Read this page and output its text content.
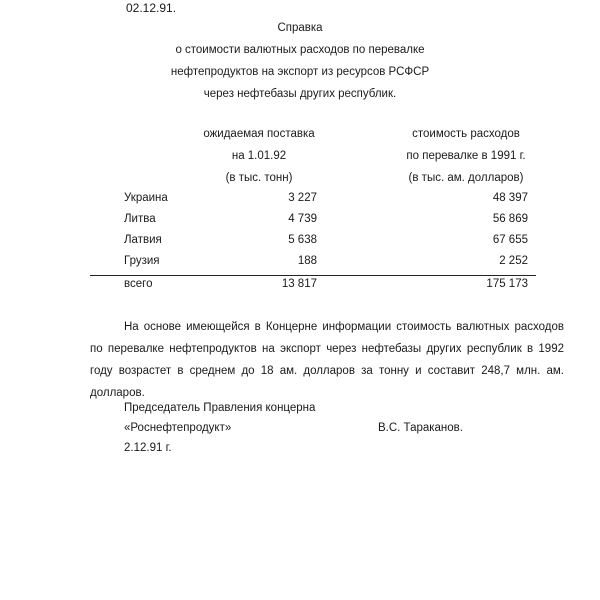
02.12.91.
Справка
о стоимости валютных расходов по перевалке
нефтепродуктов на экспорт из ресурсов РСФСР
через нефтебазы других республик.
ожидаемая поставка
на 1.01.92
(в тыс. тонн)
стоимость расходов
по перевалке в 1991 г.
(в тыс. ам. долларов)
Украина	3 227	48 397
Литва	4 739	56 869
Латвия	5 638	67 655
Грузия	188	2 252
всего	13 817	175 173
На основе имеющейся в Концерне информации стоимость валютных расходов по перевалке нефтепродуктов на экспорт через нефтебазы других республик в 1992 году возрастет в среднем до 18 ам. долларов за тонну и составит 248,7 млн. ам. долларов.
Председатель Правления концерна
«Роснефтепродукт»	В.С. Тараканов.
2.12.91 г.
